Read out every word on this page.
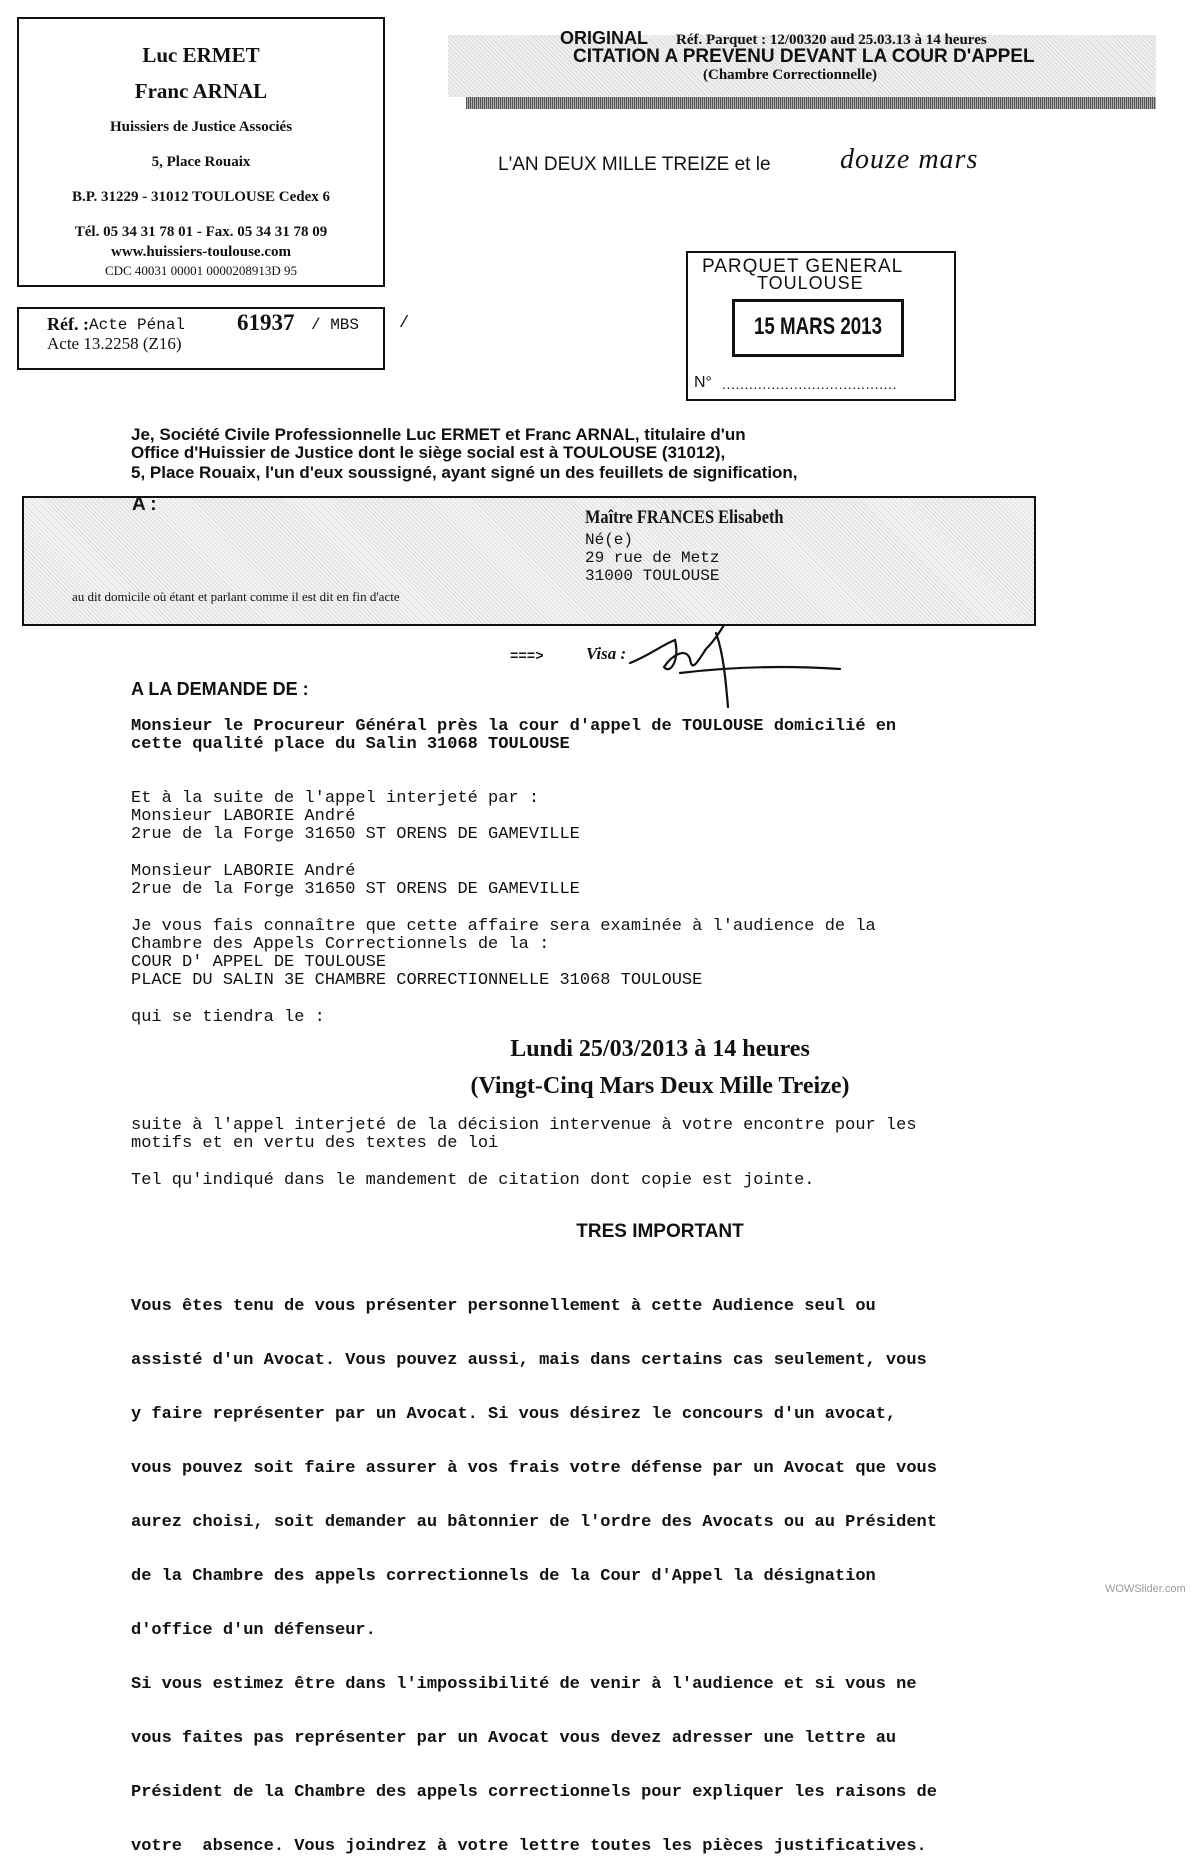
Luc ERMET
Franc ARNAL
Huissiers de Justice Associés
5, Place Rouaix
B.P. 31229 - 31012 TOULOUSE Cedex 6
Tél. 05 34 31 78 01 - Fax. 05 34 31 78 09
www.huissiers-toulouse.com
CDC 40031 00001 0000208913D 95
Réf. : Acte Pénal 61937 / MBS /
Acte 13.2258 (Z16)
ORIGINAL Réf. Parquet : 12/00320 aud 25.03.13 à 14 heures
CITATION A PREVENU DEVANT LA COUR D'APPEL
(Chambre Correctionnelle)
L'AN DEUX MILLE TREIZE et le douze mars
PARQUET GENERAL
TOULOUSE
15 MARS 2013
N° .......................................
Je, Société Civile Professionnelle Luc ERMET et Franc ARNAL, titulaire d'un
Office d'Huissier de Justice dont le siège social est à TOULOUSE (31012),
5, Place Rouaix, l'un d'eux soussigné, ayant signé un des feuillets de signification,
A :
Maître FRANCES Elisabeth
Né(e)
29 rue de Metz
31000 TOULOUSE
au dit domicile où étant et parlant comme il est dit en fin d'acte
===> Visa :
A LA DEMANDE DE :
Monsieur le Procureur Général près la cour d'appel de TOULOUSE domicilié en
cette qualité place du Salin 31068 TOULOUSE
Et à la suite de l'appel interjeté par :
Monsieur LABORIE André
2rue de la Forge 31650 ST ORENS DE GAMEVILLE
Monsieur LABORIE André
2rue de la Forge 31650 ST ORENS DE GAMEVILLE
Je vous fais connaître que cette affaire sera examinée à l'audience de la
Chambre des Appels Correctionnels de la :
COUR D' APPEL DE TOULOUSE
PLACE DU SALIN 3E CHAMBRE CORRECTIONNELLE 31068 TOULOUSE
qui se tiendra le :
Lundi 25/03/2013 à 14 heures
(Vingt-Cinq Mars Deux Mille Treize)
suite à l'appel interjeté de la décision intervenue à votre encontre pour les
motifs et en vertu des textes de loi
Tel qu'indiqué dans le mandement de citation dont copie est jointe.
TRES IMPORTANT

Vous êtes tenu de vous présenter personnellement à cette Audience seul ou

assisté d'un Avocat. Vous pouvez aussi, mais dans certains cas seulement, vous

y faire représenter par un Avocat. Si vous désirez le concours d'un avocat,

vous pouvez soit faire assurer à vos frais votre défense par un Avocat que vous

aurez choisi, soit demander au bâtonnier de l'ordre des Avocats ou au Président

de la Chambre des appels correctionnels de la Cour d'Appel la désignation

d'office d'un défenseur.

Si vous estimez être dans l'impossibilité de venir à l'audience et si vous ne

vous faites pas représenter par un Avocat vous devez adresser une lettre au

Président de la Chambre des appels correctionnels pour expliquer les raisons de

votre  absence. Vous joindrez à votre lettre toutes les pièces justificatives.

WOWSlider.com
